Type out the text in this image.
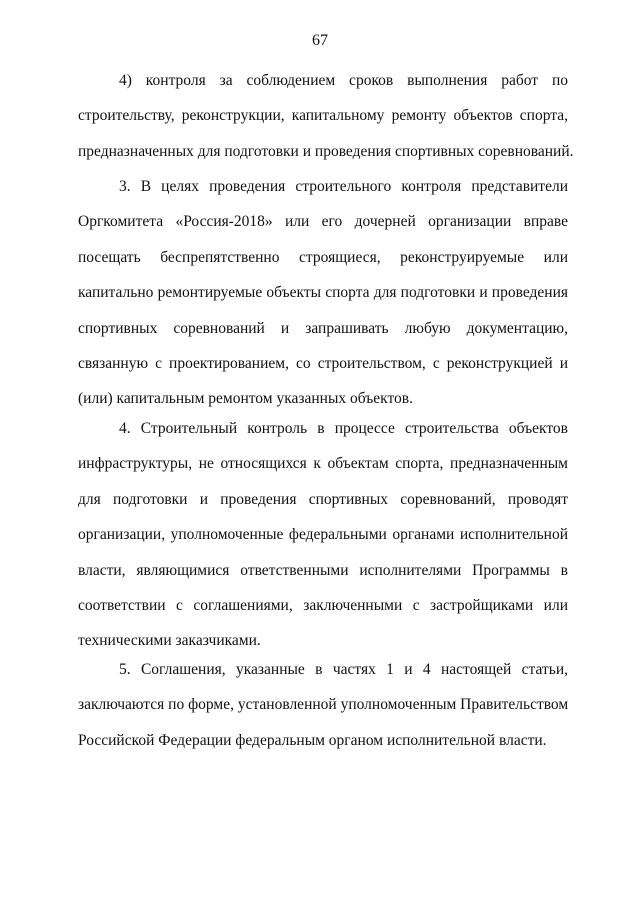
67
4) контроля за соблюдением сроков выполнения работ по
строительству, реконструкции, капитальному ремонту объектов спорта,
предназначенных для подготовки и проведения спортивных соревнований.
3. В целях проведения строительного контроля представители
Оргкомитета «Россия-2018» или его дочерней организации вправе
посещать беспрепятственно строящиеся, реконструируемые или
капитально ремонтируемые объекты спорта для подготовки и проведения
спортивных соревнований и запрашивать любую документацию,
связанную с проектированием, со строительством, с реконструкцией и
(или) капитальным ремонтом указанных объектов.
4. Строительный контроль в процессе строительства объектов
инфраструктуры, не относящихся к объектам спорта, предназначенным
для подготовки и проведения спортивных соревнований, проводят
организации, уполномоченные федеральными органами исполнительной
власти, являющимися ответственными исполнителями Программы в
соответствии с соглашениями, заключенными с застройщиками или
техническими заказчиками.
5. Соглашения, указанные в частях 1 и 4 настоящей статьи,
заключаются по форме, установленной уполномоченным Правительством
Российской Федерации федеральным органом исполнительной власти.
